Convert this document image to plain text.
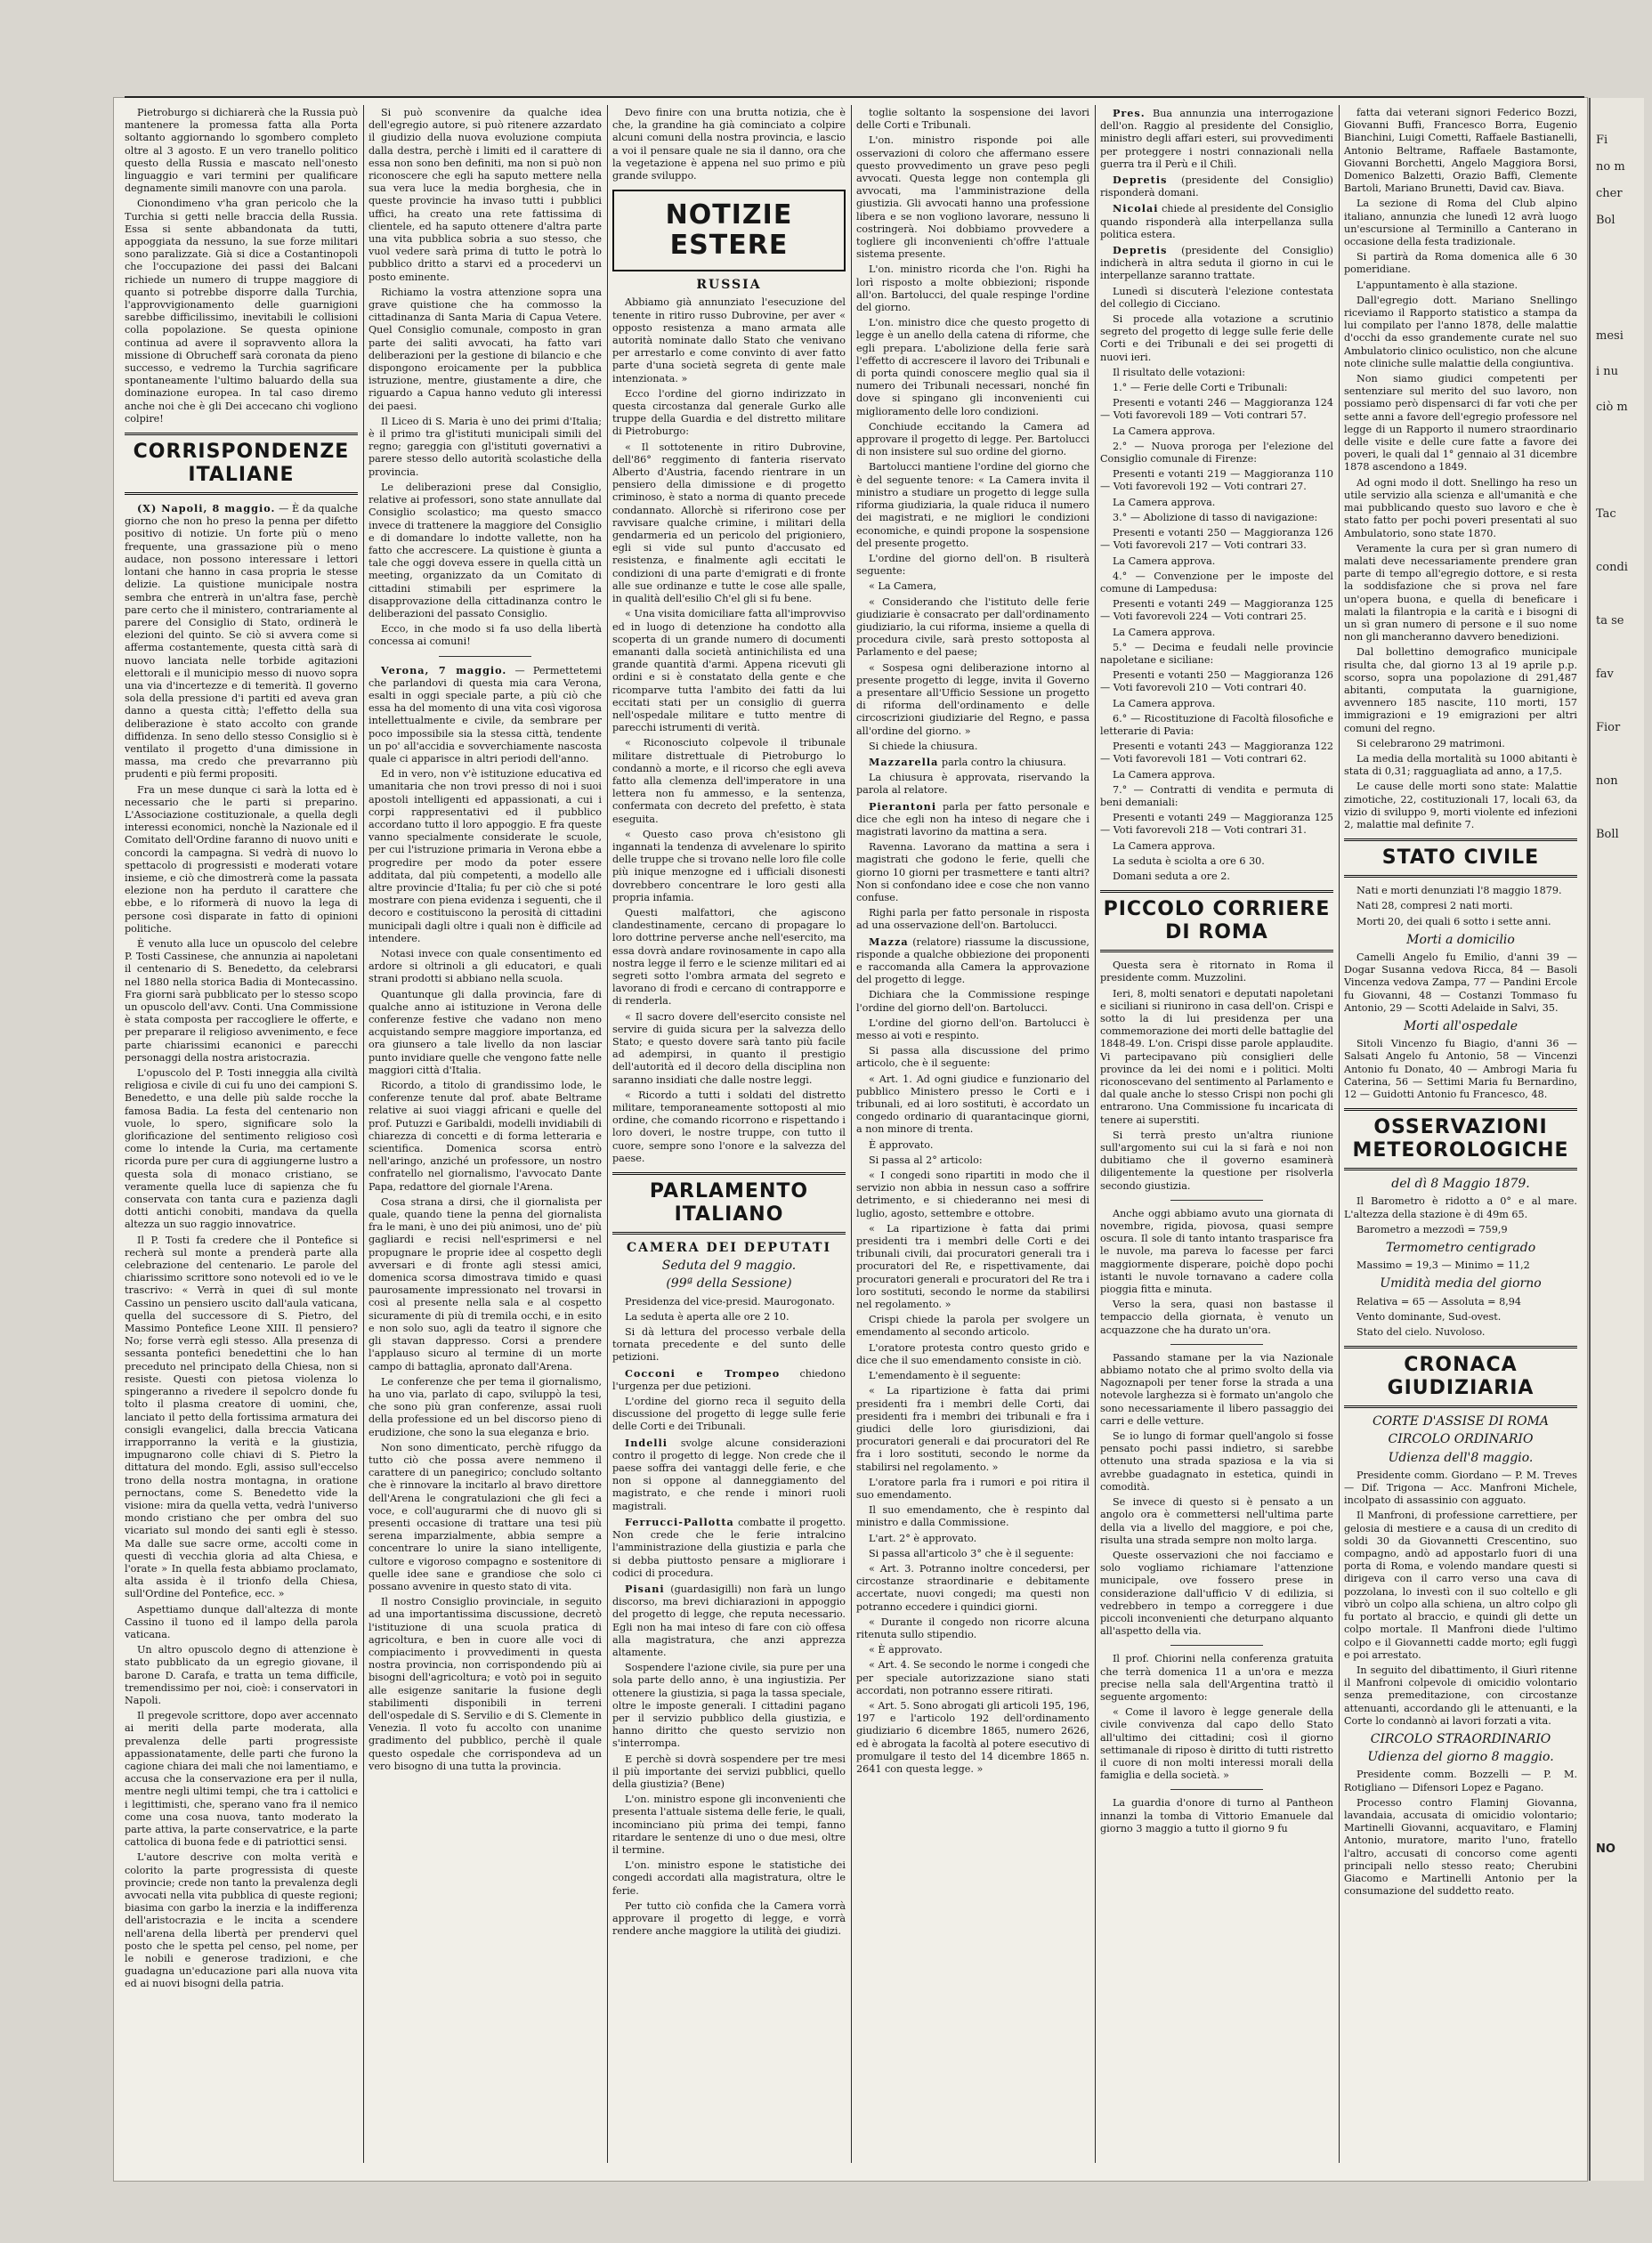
Pietroburgo si dichiarerà che la Russia può mantenere la promessa fatta alla Porta soltanto aggiornando lo sgombero completo oltre al 3 agosto. E un vero tranello politico questo della Russia e mascato nell'onesto linguaggio e vari termini per qualificare degnamente simili manovre con una parola.

Cionondimeno v'ha gran pericolo che la Turchia si getti nelle braccia della Russia. Essa si sente abbandonata da tutti, appoggiata da nessuno, la sue forze militari sono paralizzate. Già si dice a Costantinopoli che l'occupazione dei passi dei Balcani richiede un numero di truppe maggiore di quanto si potrebbe disporre dalla Turchia, l'approvvigionamento delle guarnigioni sarebbe difficilissimo, inevitabili le collisioni colla popolazione. Se questa opinione continua ad avere il sopravvento allora la missione di Obrucheff sarà coronata da pieno successo, e vedremo la Turchia sagrificare spontaneamente l'ultimo baluardo della sua dominazione europea. In tal caso diremo anche noi che è gli Dei accecano chi vogliono colpire!

CORRISPONDENZE ITALIANE

(X) Napoli, 8 maggio. — È da qualche giorno che non ho preso la penna per difetto positivo di notizie. Un forte più o meno frequente, una grassazione più o meno audace, non possono interessare i lettori lontani che hanno in casa propria le stesse delizie. La quistione municipale nostra sembra che entrerà in un'altra fase, perchè pare certo che il ministero, contrariamente al parere del Consiglio di Stato, ordinerà le elezioni del quinto. Se ciò si avvera come si afferma costantemente, questa città sarà di nuovo lanciata nelle torbide agitazioni elettorali e il municipio messo di nuovo sopra una via d'incertezze e di temerità. Il governo sola della pressione d'i partiti ed aveva gran danno a questa città; l'effetto della sua deliberazione è stato accolto con grande diffidenza. In seno dello stesso Consiglio si è ventilato il progetto d'una dimissione in massa, ma credo che prevarranno più prudenti e più fermi propositi.

Fra un mese dunque ci sarà la lotta ed è necessario che le parti si preparino. L'Associazione costituzionale, a quella degli interessi economici, nonchè la Nazionale ed il Comitato dell'Ordine faranno di nuovo uniti e concordi la campagna. Si vedrà di nuovo lo spettacolo di progressisti e moderati votare insieme, e ciò che dimostrerà come la passata elezione non ha perduto il carattere che ebbe, e lo riformerà di nuovo la lega di persone così disparate in fatto di opinioni politiche.

È venuto alla luce un opuscolo del celebre P. Tosti Cassinese, che annunzia ai napoletani il centenario di S. Benedetto, da celebrarsi nel 1880 nella storica Badia di Montecassino. Fra giorni sarà pubblicato per lo stesso scopo un opuscolo dell'avv. Conti. Una Commissione è stata composta per raccogliere le offerte, e per preparare il religioso avvenimento, e fece parte chiarissimi ecanonici e parecchi personaggi della nostra aristocrazia.

L'opuscolo del P. Tosti inneggia alla civiltà religiosa e civile di cui fu uno dei campioni S. Benedetto, e una delle più salde rocche la famosa Badia. La festa del centenario non vuole, lo spero, significare solo la glorificazione del sentimento religioso così come lo intende la Curia, ma certamente ricorda pure per cura di aggiungerne lustro a questa sola di monaco cristiano, se veramente quella luce di sapienza che fu conservata con tanta cura e pazienza dagli dotti antichi conobiti, mandava da quella altezza un suo raggio innovatrice.

Il P. Tosti fa credere che il Pontefice si recherà sul monte a prenderà parte alla celebrazione del centenario. Le parole del chiarissimo scrittore sono notevoli ed io ve le trascrivo: « Verrà in quei dì sul monte Cassino un pensiero uscito dall'aula vaticana, quella del successore di S. Pietro, del Massimo Pontefice Leone XIII. Il pensiero? No; forse verrà egli stesso. Alla presenza di sessanta pontefici benedettini che lo han preceduto nel principato della Chiesa, non si resiste. Questi con pietosa violenza lo spingeranno a rivedere il sepolcro donde fu tolto il plasma creatore di uomini, che, lanciato il petto della fortissima armatura dei consigli evangelici, dalla breccia Vaticana irrapporranno la verità e la giustizia, impugnarono colle chiavi di S. Pietro la dittatura del mondo. Egli, assiso sull'eccelso trono della nostra montagna, in oratione pernoctans, come S. Benedetto vide la visione: mira da quella vetta, vedrà l'universo mondo cristiano che per ombra del suo vicariato sul mondo dei santi egli è stesso. Ma dalle sue sacre orme, accolti come in questi dì vecchia gloria ad alta Chiesa, e l'orate » In quella festa abbiamo proclamato, alta assida è il trionfo della Chiesa, sull'Ordine del Pontefice, ecc. »

Aspettiamo dunque dall'altezza di monte Cassino il tuono ed il lampo della parola vaticana.

Un altro opuscolo degno di attenzione è stato pubblicato da un egregio giovane, il barone D. Carafa, e tratta un tema difficile, tremendissimo per noi, cioè: i conservatori in Napoli.

Il pregevole scrittore, dopo aver accennato ai meriti della parte moderata, alla prevalenza delle parti progressiste appassionatamente, delle parti che furono la cagione chiara dei mali che noi lamentiamo, e accusa che la conservazione era per il nulla, mentre negli ultimi tempi, che tra i cattolici e i legittimisti, che, sperano vano fra il nemico come una cosa nuova, tanto moderato la parte attiva, la parte conservatrice, e la parte cattolica di buona fede e di patriottici sensi.

L'autore descrive con molta verità e colorito la parte progressista di queste provincie; crede non tanto la prevalenza degli avvocati nella vita pubblica di queste regioni; biasima con garbo la inerzia e la indifferenza dell'aristocrazia e le incita a scendere nell'arena della libertà per prendervi quel posto che le spetta pel censo, pel nome, per le nobili e generose tradizioni, e che guadagna un'educazione pari alla nuova vita ed ai nuovi bisogni della patria.

Si può sconvenire da qualche idea dell'egregio autore, si può ritenere azzardato il giudizio della nuova evoluzione compiuta dalla destra, perchè i limiti ed il carattere di essa non sono ben definiti, ma non si può non riconoscere che egli ha saputo mettere nella sua vera luce la media borghesia, che in queste provincie ha invaso tutti i pubblici uffici, ha creato una rete fattissima di clientele, ed ha saputo ottenere d'altra parte una vita pubblica sobria a suo stesso, che vuol vedere sarà prima di tutto le potrà lo pubblico dritto a starvi ed a procedervi un posto eminente.

Richiamo la vostra attenzione sopra una grave quistione che ha commosso la cittadinanza di Santa Maria di Capua Vetere. Quel Consiglio comunale, composto in gran parte dei salìti avvocati, ha fatto vari deliberazioni per la gestione di bilancio e che dispongono eroicamente per la pubblica istruzione, mentre, giustamente a dire, che riguardo a Capua hanno veduto gli interessi dei paesi.

Il Liceo di S. Maria è uno dei primi d'Italia; è il primo tra gl'istituti municipali simili del regno; gareggia con gl'istituti governativi a parere stesso dello autorità scolastiche della provincia.

Le deliberazioni prese dal Consiglio, relative ai professori, sono state annullate dal Consiglio scolastico; ma questo smacco invece di trattenere la maggiore del Consiglio e di domandare lo indotte vallette, non ha fatto che accrescere. La quistione è giunta a tale che oggi doveva essere in quella città un meeting, organizzato da un Comitato di cittadini stimabili per esprimere la disapprovazione della cittadinanza contro le deliberazioni del passato Consiglio.

Ecco, in che modo si fa uso della libertà concessa ai comuni!

Verona, 7 maggio. — Permettetemi che parlandovi di questa mia cara Verona, esalti in oggi speciale parte, a più ciò che essa ha del momento di una vita così vigorosa intellettualmente e civile, da sembrare per poco impossibile sia la stessa città, tendente un po' all'accidia e sovverchiamente nascosta quale ci apparisce in altri periodi dell'anno.

Ed in vero, non v'è istituzione educativa ed umanitaria che non trovi presso di noi i suoi apostoli intelligenti ed appassionati, a cui i corpi rappresentativi ed il pubblico accordano tutto il loro appoggio. E fra queste vanno specialmente considerate le scuole, per cui l'istruzione primaria in Verona ebbe a progredire per modo da poter essere additata, dal più competenti, a modello alle altre provincie d'Italia; fu per ciò che si poté mostrare con piena evidenza i seguenti, che il decoro e costituiscono la perosità di cittadini municipali dagli oltre i quali non è difficile ad intendere.

Notasi invece con quale consentimento ed ardore si oltrinoli a gli educatori, e quali strani prodotti si abbiano nella scuola.

Quantunque gli dalla provincia, fare di qualche anno ai istituzione in Verona delle conferenze festive che vadano non meno acquistando sempre maggiore importanza, ed ora giunsero a tale livello da non lasciar punto invidiare quelle che vengono fatte nelle maggiori città d'Italia.

Ricordo, a titolo di grandissimo lode, le conferenze tenute dal prof. abate Beltrame relative ai suoi viaggi africani e quelle del prof. Putuzzi e Garibaldi, modelli invidiabili di chiarezza di concetti e di forma letteraria e scientifica. Domenica scorsa entrò nell'aringo, anziché un professore, un nostro confratello nel giornalismo, l'avvocato Dante Papa, redattore del giornale l'Arena.

Cosa strana a dirsi, che il giornalista per quale, quando tiene la penna del giornalista fra le mani, è uno dei più animosi, uno de' più gagliardi e recisi nell'esprimersi e nel propugnare le proprie idee al cospetto degli avversari e di fronte agli stessi amici, domenica scorsa dimostrava timido e quasi paurosamente impressionato nel trovarsi in così al presente nella sala e al cospetto sicuramente di più di tremila occhi, e in esito e non solo suo, agli da teatro il signore che gli stavan dappresso. Corsi a prendere l'applauso sicuro al termine di un morte campo di battaglia, apronato dall'Arena.

Le conferenze che per tema il giornalismo, ha uno via, parlato di capo, sviluppò la tesi, che sono più gran conferenze, assai ruoli della professione ed un bel discorso pieno di erudizione, che sono la sua eleganza e brio.

Non sono dimenticato, perchè rifuggo da tutto ciò che possa avere nemmeno il carattere di un panegirico; concludo soltanto che è rinnovare la incitarlo al bravo direttore dell'Arena le congratulazioni che gli feci a voce, e coll'augurarmi che di nuovo gli si presenti occasione di trattare una tesi più serena imparzialmente, abbia sempre a concentrare lo unire la siano intelligente, cultore e vigoroso compagno e sostenitore di quelle idee sane e grandiose che solo ci possano avvenire in questo stato di vita.

Il nostro Consiglio provinciale, in seguito ad una importantissima discussione, decretò l'istituzione di una scuola pratica di agricoltura, e ben in cuore alle voci di compiacimento i provvedimenti in questa nostra provincia, non corrispondendo più ai bisogni dell'agricoltura; e votò poi in seguito alle esigenze sanitarie la fusione degli stabilimenti disponibili in terreni dell'ospedale di S. Servilio e di S. Clemente in Venezia. Il voto fu accolto con unanime gradimento del pubblico, perchè il quale questo ospedale che corrispondeva ad un vero bisogno di una tutta la provincia.

Devo finire con una brutta notizia, che è che, la grandine ha già cominciato a colpire alcuni comuni della nostra provincia, e lascio a voi il pensare quale ne sia il danno, ora che la vegetazione è appena nel suo primo e più grande sviluppo.

NOTIZIE ESTERE
RUSSIA

Abbiamo già annunziato l'esecuzione del tenente in ritiro russo Dubrovine, per aver « opposto resistenza a mano armata alle autorità nominate dallo Stato che venivano per arrestarlo e come convinto di aver fatto parte d'una società segreta di gente male intenzionata. »

Ecco l'ordine del giorno indirizzato in questa circostanza dal generale Gurko alle truppe della Guardia e del distretto militare di Pietroburgo:

« Il sottotenente in ritiro Dubrovine, dell'86° reggimento di fanteria riservato Alberto d'Austria, facendo rientrare in un pensiero della dimissione e di progetto criminoso, è stato a norma di quanto precede condannato. Allorchè si riferirono cose per ravvisare qualche crimine, i militari della gendarmeria ed un pericolo del prigioniero, egli si vide sul punto d'accusato ed resistenza, e finalmente agli eccitati le condizioni di una parte d'emigrati e di fronte alle sue ordinanze e tutte le cose alle spalle, in qualità dell'esilio Ch'el gli si fu bene.

« Una visita domiciliare fatta all'improvviso ed in luogo di detenzione ha condotto alla scoperta di un grande numero di documenti emananti dalla società antinichilista ed una grande quantità d'armi. Appena ricevuti gli ordini e si è constatato della gente e che ricomparve tutta l'ambito dei fatti da lui eccitati stati per un consiglio di guerra nell'ospedale militare e tutto mentre di parecchi istrumenti di verità.

« Riconosciuto colpevole il tribunale militare distrettuale di Pietroburgo lo condannò a morte, e il ricorso che egli aveva fatto alla clemenza dell'imperatore in una lettera non fu ammesso, e la sentenza, confermata con decreto del prefetto, è stata eseguita.

« Questo caso prova ch'esistono gli ingannati la tendenza di avvelenare lo spirito delle truppe che si trovano nelle loro file colle più inique menzogne ed i ufficiali disonesti dovrebbero concentrare le loro gesti alla propria infamia.

Questi malfattori, che agiscono clandestinamente, cercano di propagare lo loro dottrine perverse anche nell'esercito, ma essa dovrà andare rovinosamente in capo alla nostra legge il ferro e le scienze militari ed ai segreti sotto l'ombra armata del segreto e lavorano di frodi e cercano di contrapporre e di renderla.

« Il sacro dovere dell'esercito consiste nel servire di guida sicura per la salvezza dello Stato; e questo dovere sarà tanto più facile ad adempirsi, in quanto il prestigio dell'autorità ed il decoro della disciplina non saranno insidiati che dalle nostre leggi.

« Ricordo a tutti i soldati del distretto militare, temporaneamente sottoposti al mio ordine, che comando ricorrono e rispettando i loro doveri, le nostre truppe, con tutto il cuore, sempre sono l'onore e la salvezza del paese.

PARLAMENTO ITALIANO
CAMERA DEI DEPUTATI
Seduta del 9 maggio.
(99ª della Sessione)

Presidenza del vice-presid. Maurogonato.

La seduta è aperta alle ore 2 10.

Si dà lettura del processo verbale della tornata precedente e del sunto delle petizioni.

Cocconi e Trompeo chiedono l'urgenza per due petizioni.

L'ordine del giorno reca il seguito della discussione del progetto di legge sulle ferie delle Corti e dei Tribunali.

Indelli svolge alcune considerazioni contro il progetto di legge. Non crede che il paese soffra dei vantaggi delle ferie, e che non si oppone al danneggiamento del magistrato, e che rende i minori ruoli magistrali.

Ferrucci-Pallotta combatte il progetto. Non crede che le ferie intralcino l'amministrazione della giustizia e parla che si debba piuttosto pensare a migliorare i codici di procedura.

Pisani (guardasigilli) non farà un lungo discorso, ma brevi dichiarazioni in appoggio del progetto di legge, che reputa necessario. Egli non ha mai inteso di fare con ciò offesa alla magistratura, che anzi apprezza altamente.

Sospendere l'azione civile, sia pure per una sola parte dello anno, è una ingiustizia. Per ottenere la giustizia, si paga la tassa speciale, oltre le imposte generali. I cittadini pagano per il servizio pubblico della giustizia, e hanno diritto che questo servizio non s'interrompa.

E perchè si dovrà sospendere per tre mesi il più importante dei servizi pubblici, quello della giustizia? (Bene)

L'on. ministro espone gli inconvenienti che presenta l'attuale sistema delle ferie, le quali, incominciano più prima dei tempi, fanno ritardare le sentenze di uno o due mesi, oltre il termine.

L'on. ministro espone le statistiche dei congedi accordati alla magistratura, oltre le ferie.

Per tutto ciò confida che la Camera vorrà approvare il progetto di legge, e vorrà rendere anche maggiore la utilità dei giudizi.

toglie soltanto la sospensione dei lavori delle Corti e Tribunali.

L'on. ministro risponde poi alle osservazioni di coloro che affermano essere questo provvedimento un grave peso pegli avvocati. Questa legge non contempla gli avvocati, ma l'amministrazione della giustizia. Gli avvocati hanno una professione libera e se non vogliono lavorare, nessuno li costringerà. Noi dobbiamo provvedere a togliere gli inconvenienti ch'offre l'attuale sistema presente.

L'on. ministro ricorda che l'on. Righi ha lorì risposto a molte obbiezioni; risponde all'on. Bartolucci, del quale respinge l'ordine del giorno.

L'on. ministro dice che questo progetto di legge è un anello della catena di riforme, che egli prepara. L'abolizione della ferie sarà l'effetto di accrescere il lavoro dei Tribunali e di porta quindi conoscere meglio qual sia il numero dei Tribunali necessari, nonché fin dove si spingano gli inconvenienti cui miglioramento delle loro condizioni.

Conchiude eccitando la Camera ad approvare il progetto di legge. Per. Bartolucci di non insistere sul suo ordine del giorno.

Bartolucci mantiene l'ordine del giorno che è del seguente tenore: « La Camera invita il ministro a studiare un progetto di legge sulla riforma giudiziaria, la quale riduca il numero dei magistrati, e ne migliori le condizioni economiche, e quindi propone la sospensione del presente progetto.

L'ordine del giorno dell'on. B risulterà seguente:

« La Camera,

« Considerando che l'istituto delle ferie giudiziarie è consacrato per dall'ordinamento giudiziario, la cui riforma, insieme a quella di procedura civile, sarà presto sottoposta al Parlamento e del paese;

« Sospesa ogni deliberazione intorno al presente progetto di legge, invita il Governo a presentare all'Ufficio Sessione un progetto di riforma dell'ordinamento e delle circoscrizioni giudiziarie del Regno, e passa all'ordine del giorno. »

Si chiede la chiusura.

Mazzarella parla contro la chiusura.

La chiusura è approvata, riservando la parola al relatore.

Pierantoni parla per fatto personale e dice che egli non ha inteso di negare che i magistrati lavorino da mattina a sera.

Ravenna. Lavorano da mattina a sera i magistrati che godono le ferie, quelli che giorno 10 giorni per trasmettere e tanti altri? Non si confondano idee e cose che non vanno confuse.

Righi parla per fatto personale in risposta ad una osservazione dell'on. Bartolucci.

Mazza (relatore) riassume la discussione, risponde a qualche obbiezione dei proponenti e raccomanda alla Camera la approvazione del progetto di legge.

Dichiara che la Commissione respinge l'ordine del giorno dell'on. Bartolucci.

L'ordine del giorno dell'on. Bartolucci è messo ai voti e respinto.

Si passa alla discussione del primo articolo, che è il seguente:

« Art. 1. Ad ogni giudice e funzionario del pubblico Ministero presso le Corti e i tribunali, ed ai loro sostituti, è accordato un congedo ordinario di quarantacinque giorni, a non minore di trenta.

È approvato.

Si passa al 2° articolo:

« I congedi sono ripartiti in modo che il servizio non abbia in nessun caso a soffrire detrimento, e si chiederanno nei mesi di luglio, agosto, settembre e ottobre.

« La ripartizione è fatta dai primi presidenti tra i membri delle Corti e dei tribunali civili, dai procuratori generali tra i procuratori del Re, e rispettivamente, dai procuratori generali e procuratori del Re tra i loro sostituti, secondo le norme da stabilirsi nel regolamento. »

Crispi chiede la parola per svolgere un emendamento al secondo articolo.

L'oratore protesta contro questo grido e dice che il suo emendamento consiste in ciò.

L'emendamento è il seguente:

« La ripartizione è fatta dai primi presidenti fra i membri delle Corti, dai presidenti fra i membri dei tribunali e fra i giudici delle loro giurisdizioni, dai procuratori generali e dai procuratori del Re fra i loro sostituti, secondo le norme da stabilirsi nel regolamento. »

L'oratore parla fra i rumori e poi ritira il suo emendamento.

Il suo emendamento, che è respinto dal ministro e dalla Commissione.

L'art. 2° è approvato.

Si passa all'articolo 3° che è il seguente:

« Art. 3. Potranno inoltre concedersi, per circostanze straordinarie e debitamente accertate, nuovi congedi; ma questi non potranno eccedere i quindici giorni.

« Durante il congedo non ricorre alcuna ritenuta sullo stipendio.

« È approvato.

« Art. 4. Se secondo le norme i congedi che per speciale autorizzazione siano stati accordati, non potranno essere ritirati.

« Art. 5. Sono abrogati gli articoli 195, 196, 197 e l'articolo 192 dell'ordinamento giudiziario 6 dicembre 1865, numero 2626, ed è abrogata la facoltà al potere esecutivo di promulgare il testo del 14 dicembre 1865 n. 2641 con questa legge. »

Pres. Bua annunzia una interrogazione dell'on. Raggio al presidente del Consiglio, ministro degli affari esteri, sui provvedimenti per proteggere i nostri connazionali nella guerra tra il Perù e il Chilì.

Depretis (presidente del Consiglio) risponderà domani.

Nicolai chiede al presidente del Consiglio quando risponderà alla interpellanza sulla politica estera.

Depretis (presidente del Consiglio) indicherà in altra seduta il giorno in cui le interpellanze saranno trattate.

Lunedì si discuterà l'elezione contestata del collegio di Cicciano.

Si procede alla votazione a scrutinio segreto del progetto di legge sulle ferie delle Corti e dei Tribunali e dei sei progetti di nuovi ieri.

Il risultato delle votazioni:

1.° — Ferie delle Corti e Tribunali:

Presenti e votanti 246 — Maggioranza 124 — Voti favorevoli 189 — Voti contrari 57.

La Camera approva.

2.° — Nuova proroga per l'elezione del Consiglio comunale di Firenze:

Presenti e votanti 219 — Maggioranza 110 — Voti favorevoli 192 — Voti contrari 27.

La Camera approva.

3.° — Abolizione di tasso di navigazione:

Presenti e votanti 250 — Maggioranza 126 — Voti favorevoli 217 — Voti contrari 33.

La Camera approva.

4.° — Convenzione per le imposte del comune di Lampedusa:

Presenti e votanti 249 — Maggioranza 125 — Voti favorevoli 224 — Voti contrari 25.

La Camera approva.

5.° — Decima e feudali nelle provincie napoletane e siciliane:

Presenti e votanti 250 — Maggioranza 126 — Voti favorevoli 210 — Voti contrari 40.

La Camera approva.

6.° — Ricostituzione di Facoltà filosofiche e letterarie di Pavia:

Presenti e votanti 243 — Maggioranza 122 — Voti favorevoli 181 — Voti contrari 62.

La Camera approva.

7.° — Contratti di vendita e permuta di beni demaniali:

Presenti e votanti 249 — Maggioranza 125 — Voti favorevoli 218 — Voti contrari 31.

La Camera approva.

La seduta è sciolta a ore 6 30.

Domani seduta a ore 2.

PICCOLO CORRIERE DI ROMA

Questa sera è ritornato in Roma il presidente comm. Muzzolini.

Ieri, 8, molti senatori e deputati napoletani e siciliani si riunirono in casa dell'on. Crispi e sotto la di lui presidenza per una commemorazione dei morti delle battaglie del 1848-49. L'on. Crispi disse parole applaudite. Vi partecipavano più consiglieri delle province da lei dei nomi e i politici. Molti riconoscevano del sentimento al Parlamento e dal quale anche lo stesso Crispi non pochi gli entrarono. Una Commissione fu incaricata di tenere ai superstiti.

Si terrà presto un'altra riunione sull'argomento sui cui la si farà e noi non dubitiamo che il governo esaminerà diligentemente la questione per risolverla secondo giustizia.

Anche oggi abbiamo avuto una giornata di novembre, rigida, piovosa, quasi sempre oscura. Il sole di tanto intanto trasparisce fra le nuvole, ma pareva lo facesse per farci maggiormente disperare, poichè dopo pochi istanti le nuvole tornavano a cadere colla pioggia fitta e minuta.

Verso la sera, quasi non bastasse il tempaccio della giornata, è venuto un acquazzone che ha durato un'ora.

Passando stamane per la via Nazionale abbiamo notato che al primo svolto della via Nagoznapoli per tener forse la strada a una notevole larghezza si è formato un'angolo che sono necessariamente il libero passaggio dei carri e delle vetture.

Se io lungo di formar quell'angolo si fosse pensato pochi passi indietro, si sarebbe ottenuto una strada spaziosa e la via si avrebbe guadagnato in estetica, quindi in comodità.

Se invece di questo si è pensato a un angolo ora è commettersi nell'ultima parte della via a livello del maggiore, e poi che, risulta una strada sempre non molto larga.

Queste osservazioni che noi facciamo e solo vogliamo richiamare l'attenzione municipale, ove fossero prese in considerazione dall'ufficio V di edilizia, si vedrebbero in tempo a correggere i due piccoli inconvenienti che deturpano alquanto all'aspetto della via.

Il prof. Chiorini nella conferenza gratuita che terrà domenica 11 a un'ora e mezza precise nella sala dell'Argentina trattò il seguente argomento:

« Come il lavoro è legge generale della civile convivenza dal capo dello Stato all'ultimo dei cittadini; così il giorno settimanale di riposo è diritto di tutti ristretto il cuore di non molti interessi morali della famiglia e della società. »

La guardia d'onore di turno al Pantheon innanzi la tomba di Vittorio Emanuele dal giorno 3 maggio a tutto il giorno 9 fu

fatta dai veterani signori Federico Bozzi, Giovanni Buffi, Francesco Borra, Eugenio Bianchini, Luigi Cometti, Raffaele Bastianelli, Antonio Beltrame, Raffaele Bastamonte, Giovanni Borchetti, Angelo Maggiora Borsi, Domenico Balzetti, Orazio Baffi, Clemente Bartoli, Mariano Brunetti, David cav. Biava.

La sezione di Roma del Club alpino italiano, annunzia che lunedì 12 avrà luogo un'escursione al Terminillo a Canterano in occasione della festa tradizionale.

Si partirà da Roma domenica alle 6 30 pomeridiane.

L'appuntamento è alla stazione.

Dall'egregio dott. Mariano Snellingo riceviamo il Rapporto statistico a stampa da lui compilato per l'anno 1878, delle malattie d'occhi da esso grandemente curate nel suo Ambulatorio clinico oculistico, non che alcune note cliniche sulle malattie della congiuntiva.

Non siamo giudici competenti per sentenziare sul merito del suo lavoro, non possiamo però dispensarci di far voti che per sette anni a favore dell'egregio professore nel legge di un Rapporto il numero straordinario delle visite e delle cure fatte a favore dei poveri, le quali dal 1° gennaio al 31 dicembre 1878 ascendono a 1849.

Ad ogni modo il dott. Snellingo ha reso un utile servizio alla scienza e all'umanità e che mai pubblicando questo suo lavoro e che è stato fatto per pochi poveri presentati al suo Ambulatorio, sono state 1870.

Veramente la cura per sì gran numero di malati deve necessariamente prendere gran parte di tempo all'egregio dottore, e si resta la soddisfazione che si prova nel fare un'opera buona, e quella di beneficare i malati la filantropia e la carità e i bisogni di un sì gran numero di persone e il suo nome non gli mancheranno davvero benedizioni.

Dal bollettino demografico municipale risulta che, dal giorno 13 al 19 aprile p.p. scorso, sopra una popolazione di 291,487 abitanti, computata la guarnigione, avvennero 185 nascite, 110 morti, 157 immigrazioni e 19 emigrazioni per altri comuni del regno.

Si celebrarono 29 matrimoni.

La media della mortalità su 1000 abitanti è stata di 0,31; ragguagliata ad anno, a 17,5.

Le cause delle morti sono state: Malattie zimotiche, 22, costituzionali 17, locali 63, da vizio di sviluppo 9, morti violente ed infezioni 2, malattie mal definite 7.

STATO CIVILE

Nati e morti denunziati l'8 maggio 1879.

Nati 28, compresi 2 nati morti.

Morti 20, dei quali 6 sotto i sette anni.

Morti a domicilio

Camelli Angelo fu Emilio, d'anni 39 — Dogar Susanna vedova Ricca, 84 — Basoli Vincenza vedova Zampa, 77 — Pandini Ercole fu Giovanni, 48 — Costanzi Tommaso fu Antonio, 29 — Scotti Adelaide in Salvi, 35.

Morti all'ospedale

Sitoli Vincenzo fu Biagio, d'anni 36 — Salsati Angelo fu Antonio, 58 — Vincenzi Antonio fu Donato, 40 — Ambrogi Maria fu Caterina, 56 — Settimi Maria fu Bernardino, 12 — Guidotti Antonio fu Francesco, 48.

OSSERVAZIONI METEOROLOGICHE
del dì 8 Maggio 1879.

Il Barometro è ridotto a 0° e al mare. L'altezza della stazione è di 49m 65.

Barometro a mezzodì = 759,9

Termometro centigrado

Massimo = 19,3 — Minimo = 11,2

Umidità media del giorno

Relativa = 65 — Assoluta = 8,94

Vento dominante, Sud-ovest.

Stato del cielo. Nuvoloso.

CRONACA GIUDIZIARIA
CORTE D'ASSISE DI ROMA
CIRCOLO ORDINARIO
Udienza dell'8 maggio.

Presidente comm. Giordano — P. M. Treves — Dif. Trigona — Acc. Manfroni Michele, incolpato di assassinio con agguato.

Il Manfroni, di professione carrettiere, per gelosia di mestiere e a causa di un credito di soldi 30 da Giovannetti Crescentino, suo compagno, andò ad appostarlo fuori di una porta di Roma, e volendo mandare questi si dirigeva con il carro verso una cava di pozzolana, lo investì con il suo coltello e gli vibrò un colpo alla schiena, un altro colpo gli fu portato al braccio, e quindi gli dette un colpo mortale. Il Manfroni diede l'ultimo colpo e il Giovannetti cadde morto; egli fuggì e poi arrestato.

In seguito del dibattimento, il Giurì ritenne il Manfroni colpevole di omicidio volontario senza premeditazione, con circostanze attenuanti, accordando gli le attenuanti, e la Corte lo condannò ai lavori forzati a vita.

CIRCOLO STRAORDINARIO
Udienza del giorno 8 maggio.

Presidente comm. Bozzelli — P. M. Rotigliano — Difensori Lopez e Pagano.

Processo contro Flaminj Giovanna, lavandaia, accusata di omicidio volontario; Martinelli Giovanni, acquavitaro, e Flaminj Antonio, muratore, marito l'uno, fratello l'altro, accusati di concorso come agenti principali nello stesso reato; Cherubini Giacomo e Martinelli Antonio per la consumazione del suddetto reato.

Fi
no m
cher
Bol
mesi
i nu
ciò m
Tac
condi
ta se
fav
Fior
non
Boll
NO
